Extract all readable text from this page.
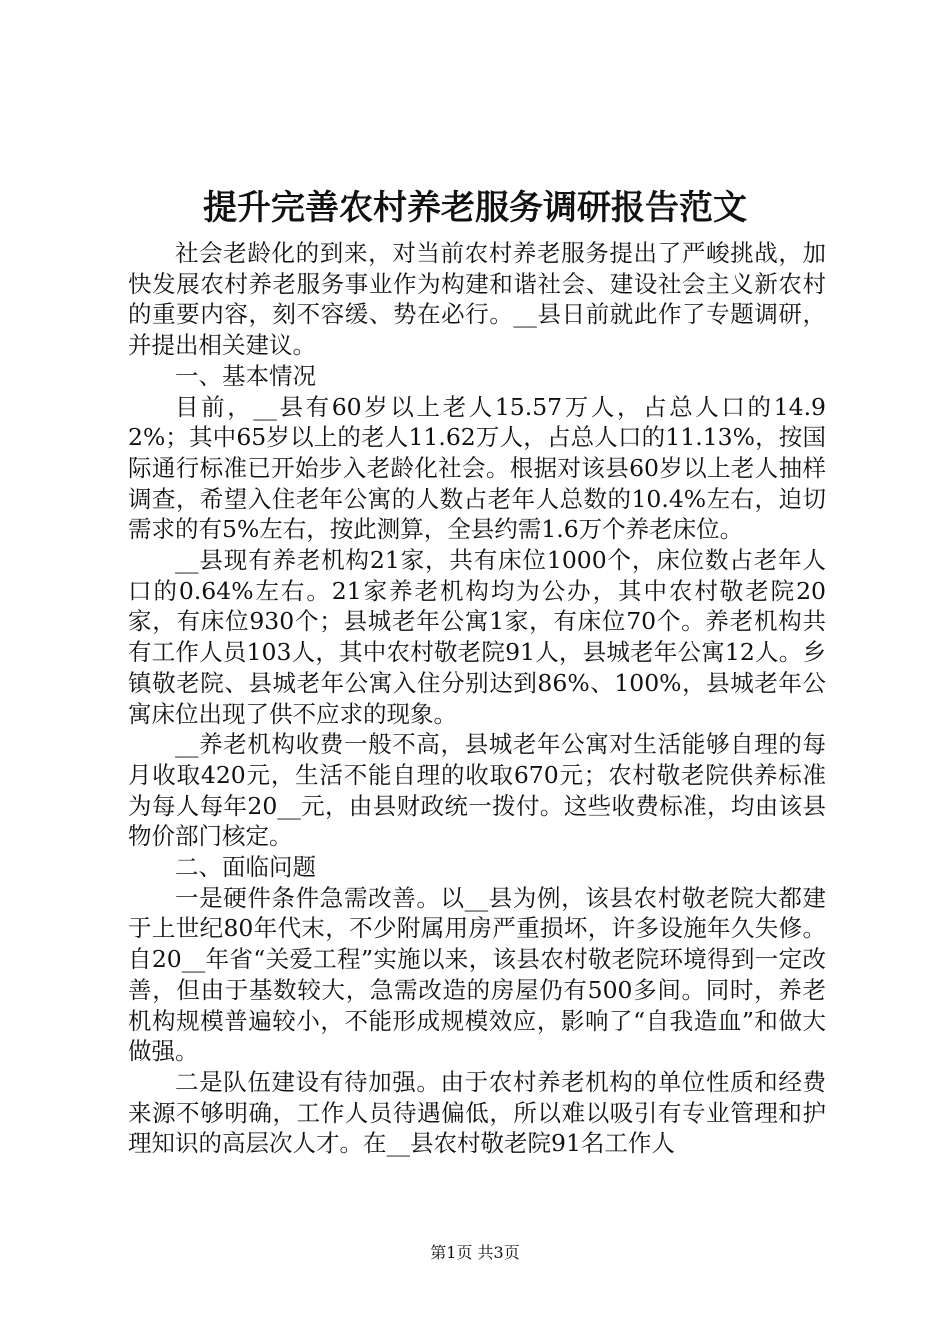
提升完善农村养老服务调研报告范文

社会老龄化的到来，对当前农村养老服务提出了严峻挑战，加快发展农村养老服务事业作为构建和谐社会、建设社会主义新农村的重要内容，刻不容缓、势在必行。__县日前就此作了专题调研，并提出相关建议。

一、基本情况

目前，__县有60岁以上老人15.57万人，占总人口的14.92%；其中65岁以上的老人11.62万人，占总人口的11.13%，按国际通行标准已开始步入老龄化社会。根据对该县60岁以上老人抽样调查，希望入住老年公寓的人数占老年人总数的10.4%左右，迫切需求的有5%左右，按此测算，全县约需1.6万个养老床位。

__县现有养老机构21家，共有床位1000个，床位数占老年人口的0.64%左右。21家养老机构均为公办，其中农村敬老院20家，有床位930个；县城老年公寓1家，有床位70个。养老机构共有工作人员103人，其中农村敬老院91人，县城老年公寓12人。乡镇敬老院、县城老年公寓入住分别达到86%、100%，县城老年公寓床位出现了供不应求的现象。

__养老机构收费一般不高，县城老年公寓对生活能够自理的每月收取420元，生活不能自理的收取670元；农村敬老院供养标准为每人每年20__元，由县财政统一拨付。这些收费标准，均由该县物价部门核定。

二、面临问题

一是硬件条件急需改善。以__县为例，该县农村敬老院大都建于上世纪80年代末，不少附属用房严重损坏，许多设施年久失修。自20__年省“关爱工程”实施以来，该县农村敬老院环境得到一定改善，但由于基数较大，急需改造的房屋仍有500多间。同时，养老机构规模普遍较小，不能形成规模效应，影响了“自我造血”和做大做强。

二是队伍建设有待加强。由于农村养老机构的单位性质和经费来源不够明确，工作人员待遇偏低，所以难以吸引有专业管理和护理知识的高层次人才。在__县农村敬老院91名工作人

第1页 共3页
